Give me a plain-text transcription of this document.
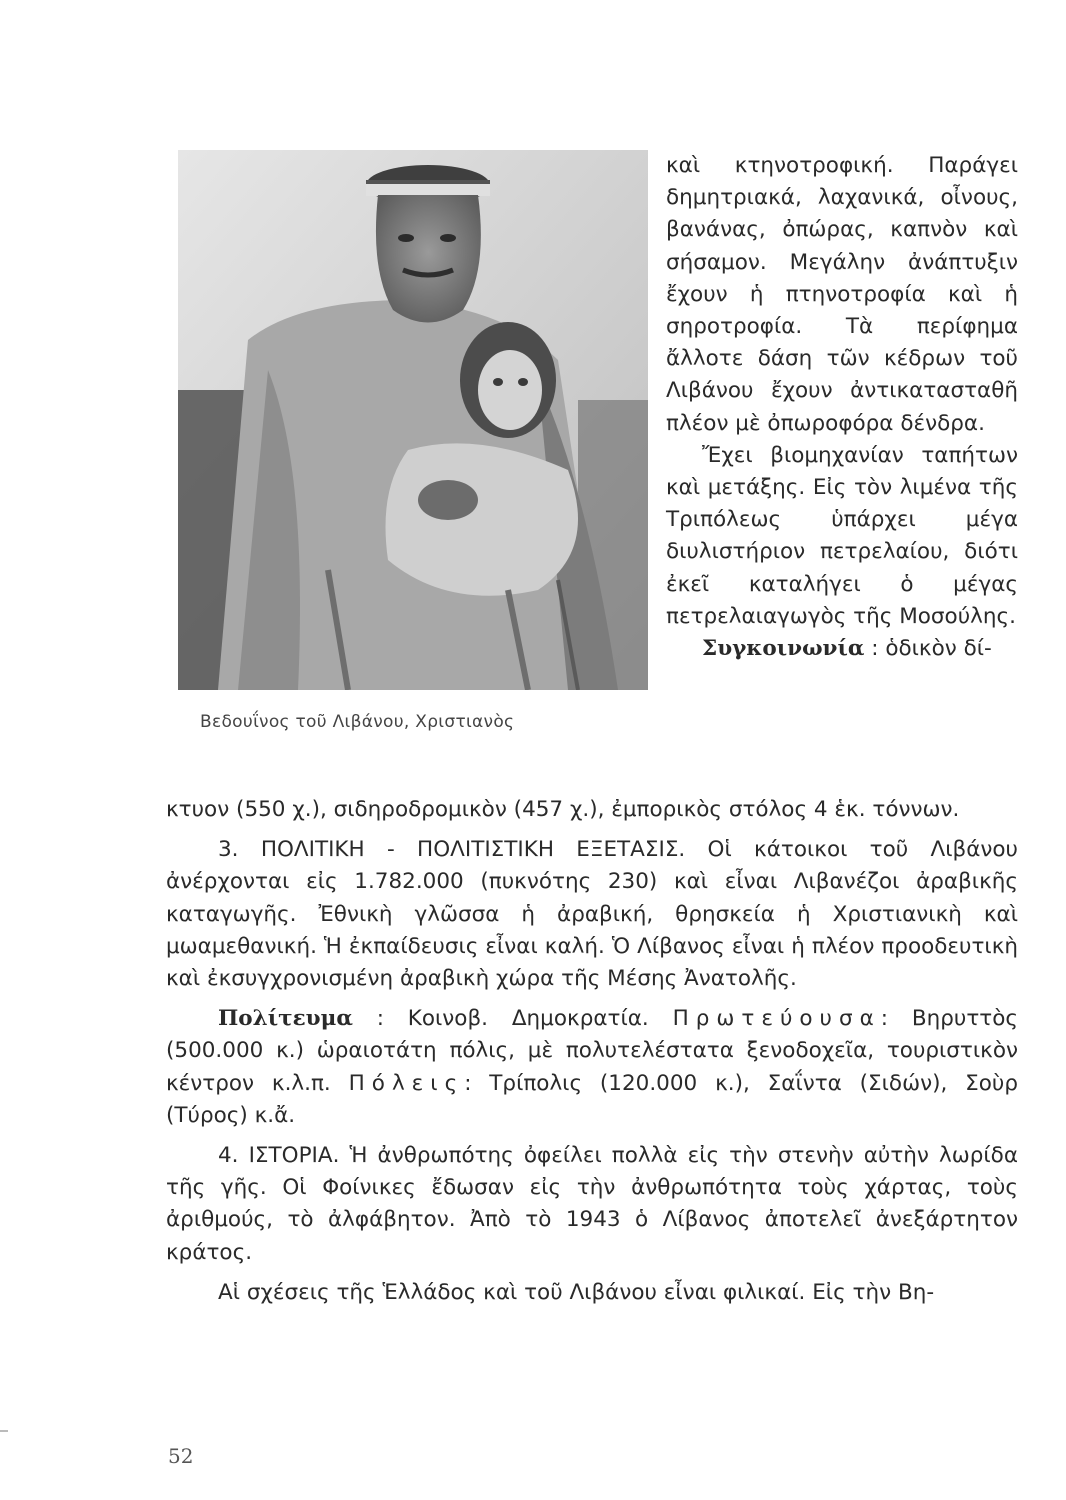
Βεδουΐνος τοῦ Λιβάνου, Χριστιανὸς

καὶ κτηνοτροφική. Παράγει δημητριακά, λαχανικά, οἶνους, βανάνας, ὀπώρας, καπνὸν καὶ σήσαμον. Μεγάλην ἀνάπτυξιν ἔχουν ἡ πτηνοτροφία καὶ ἡ σηροτροφία. Τὰ περίφημα ἄλλοτε δάση τῶν κέδρων τοῦ Λιβάνου ἔχουν ἀντικατασταθῆ πλέον μὲ ὀπωροφόρα δένδρα.

Ἔχει βιομηχανίαν ταπήτων καὶ μετάξης. Εἰς τὸν λιμένα τῆς Τριπόλεως ὑπάρχει μέγα διυλιστήριον πετρελαίου, διότι ἐκεῖ καταλήγει ὁ μέγας πετρελαιαγωγὸς τῆς Μοσούλης.

Συγκοινωνία : ὁδικὸν δί-

κτυον (550 χ.), σιδηροδρομικὸν (457 χ.), ἐμπορικὸς στόλος 4 ἑκ. τόννων.

3. ΠΟΛΙΤΙΚΗ - ΠΟΛΙΤΙΣΤΙΚΗ ΕΞΕΤΑΣΙΣ. Οἱ κάτοικοι τοῦ Λιβάνου ἀνέρχονται εἰς 1.782.000 (πυκνότης 230) καὶ εἶναι Λιβανέζοι ἀραβικῆς καταγωγῆς. Ἐθνικὴ γλῶσσα ἡ ἀραβική, θρησκεία ἡ Χριστιανικὴ καὶ μωαμεθανική. Ἡ ἐκπαίδευσις εἶναι καλή. Ὁ Λίβανος εἶναι ἡ πλέον προοδευτικὴ καὶ ἐκσυγχρονισμένη ἀραβικὴ χώρα τῆς Μέσης Ἀνατολῆς.

Πολίτευμα : Κοινοβ. Δημοκρατία. Πρωτεύουσα: Βηρυττὸς (500.000 κ.) ὡραιοτάτη πόλις, μὲ πολυτελέστατα ξενοδοχεῖα, τουριστικὸν κέντρον κ.λ.π. Πόλεις: Τρίπολις (120.000 κ.), Σαΐντα (Σιδών), Σοὺρ (Τύρος) κ.ἄ.

4. ΙΣΤΟΡΙΑ. Ἡ ἀνθρωπότης ὀφείλει πολλὰ εἰς τὴν στενὴν αὐτὴν λωρίδα τῆς γῆς. Οἱ Φοίνικες ἔδωσαν εἰς τὴν ἀνθρωπότητα τοὺς χάρτας, τοὺς ἀριθμούς, τὸ ἀλφάβητον. Ἀπὸ τὸ 1943 ὁ Λίβανος ἀποτελεῖ ἀνεξάρτητον κράτος.

Αἱ σχέσεις τῆς Ἑλλάδος καὶ τοῦ Λιβάνου εἶναι φιλικαί. Εἰς τὴν Βη-

52
